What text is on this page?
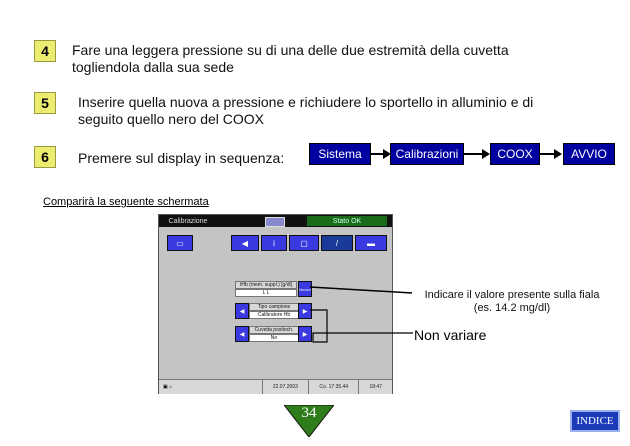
4	Fare una leggera pressione su di una delle due estremità della cuvetta
togliendola dalla sua sede
5	Inserire quella nuova a pressione e richiudere lo sportello in alluminio e di
seguito quello nero del COOX
6	Premere sul display in sequenza:	Sistema	Calibrazioni	COOX	AVVIO
Comparirà la seguente schermata
Calibrazione	Stato OK
▭	◀	i	▢	/	▬
tHb (mem. suppl.) [g/dl]
L L
Nuovo
◀
Tipo campione
Calibratore Hb
▶
◀
Cuvetta postioch.
No
▶
▣ ⌂	22.07.2003	Co. 17 35.44	18:47
Indicare il valore presente sulla fiala
(es. 14.2 mg/dl)
Non variare
34	INDICE
